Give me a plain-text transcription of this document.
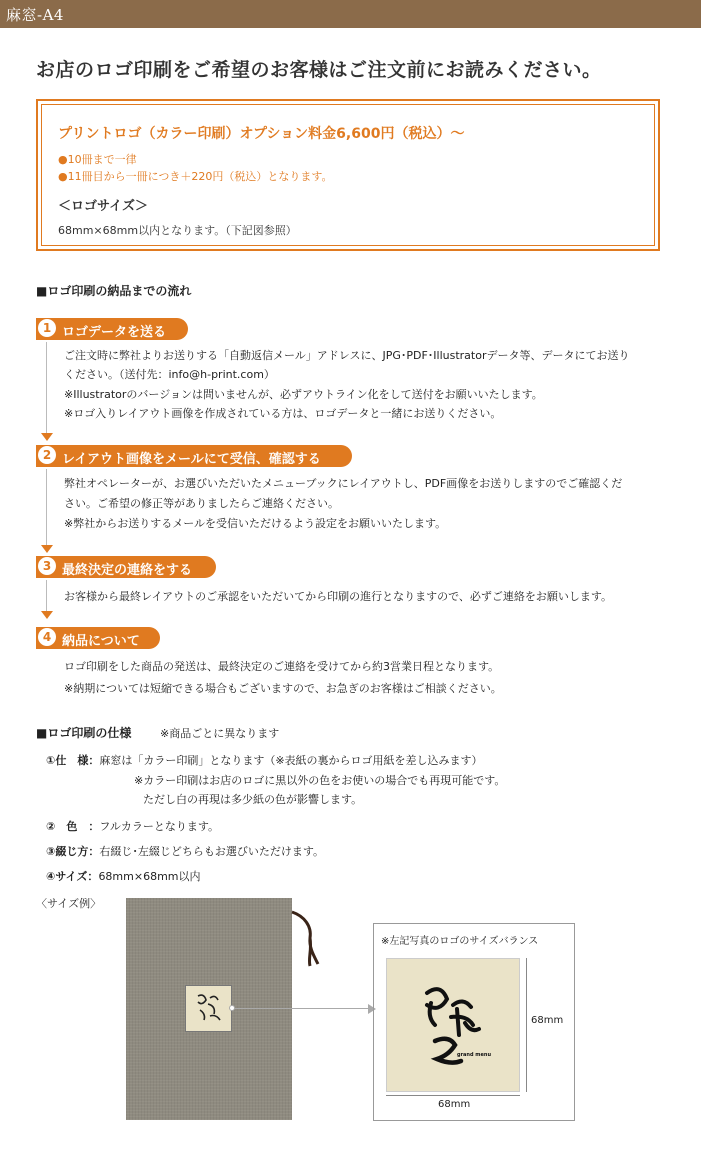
麻窓-A4
お店のロゴ印刷をご希望のお客様はご注文前にお読みください。
プリントロゴ（カラー印刷）オプション料金6,600円（税込）〜
●10冊まで一律
●11冊目から一冊につき＋220円（税込）となります。
＜ロゴサイズ＞
68mm×68mm以内となります。（下記図参照）
■ロゴ印刷の納品までの流れ
1 ロゴデータを送る
ご注文時に弊社よりお送りする「自動返信メール」アドレスに、JPG･PDF･Illustratorデータ等、データにてお送り
ください。（送付先：info@h-print.com）
※Illustratorのバージョンは問いませんが、必ずアウトライン化をして送付をお願いいたします。
※ロゴ入りレイアウト画像を作成されている方は、ロゴデータと一緒にお送りください。
2 レイアウト画像をメールにて受信、確認する
弊社オペレーターが、お選びいただいたメニューブックにレイアウトし、PDF画像をお送りしますのでご確認くだ
さい。ご希望の修正等がありましたらご連絡ください。
※弊社からお送りするメールを受信いただけるよう設定をお願いいたします。
3 最終決定の連絡をする
お客様から最終レイアウトのご承認をいただいてから印刷の進行となりますので、必ずご連絡をお願いします。
4 納品について
ロゴ印刷をした商品の発送は、最終決定のご連絡を受けてから約3営業日程となります。
※納期については短縮できる場合もございますので、お急ぎのお客様はご相談ください。
■ロゴ印刷の仕様	※商品ごとに異なります
①仕　様：麻窓は「カラー印刷」となります（※表紙の裏からロゴ用紙を差し込みます）
※カラー印刷はお店のロゴに黒以外の色をお使いの場合でも再現可能です。
ただし白の再現は多少紙の色が影響します。
②　色　：フルカラーとなります。
③綴じ方：右綴じ･左綴じどちらもお選びいただけます。
④サイズ：68mm×68mm以内
〈サイズ例〉
※左記写真のロゴのサイズバランス
grand menu
68mm
68mm
